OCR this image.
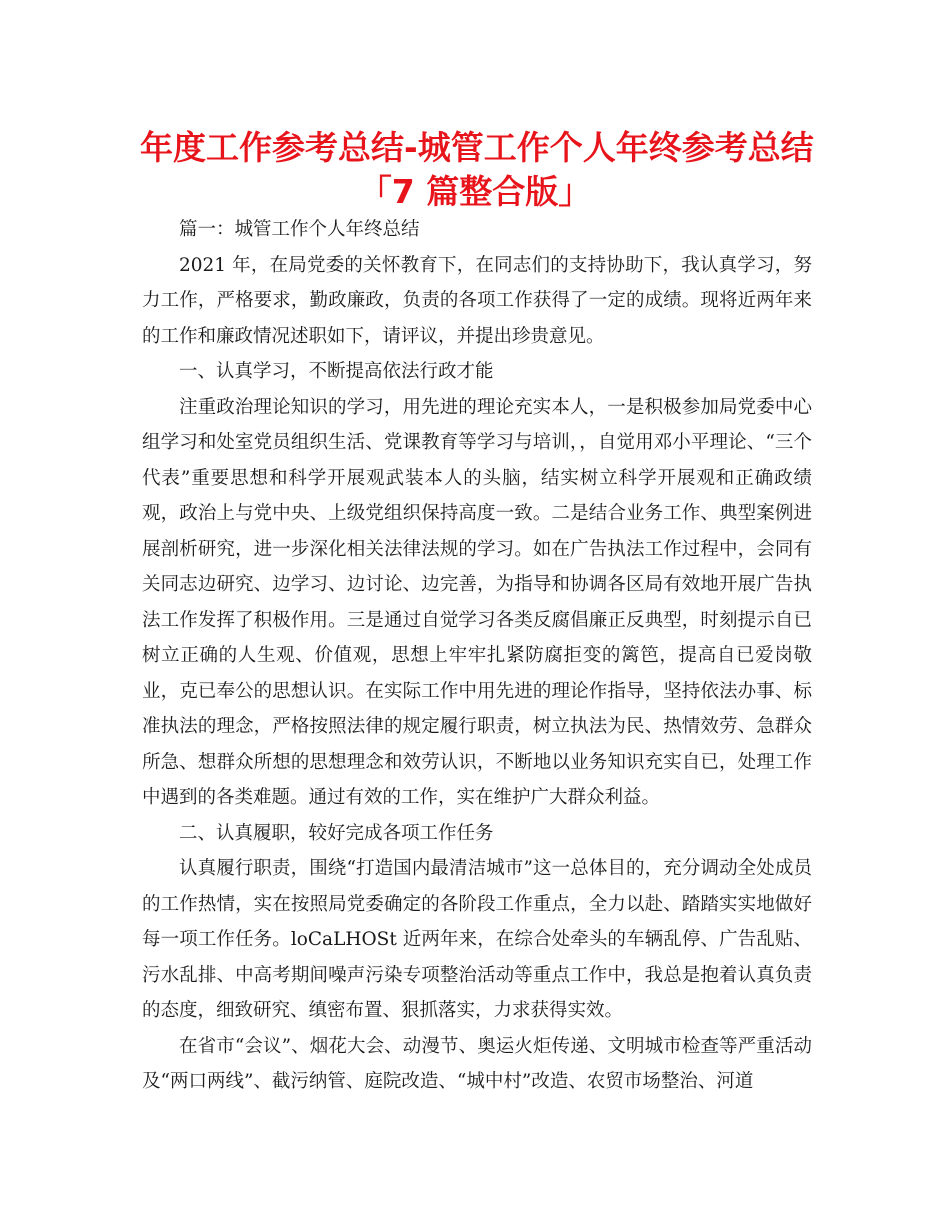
年度工作参考总结-城管工作个人年终参考总结
「7 篇整合版」

篇一：城管工作个人年终总结

2021 年，在局党委的关怀教育下，在同志们的支持协助下，我认真学习，努力工作，严格要求，勤政廉政，负责的各项工作获得了一定的成绩。现将近两年来的工作和廉政情况述职如下，请评议，并提出珍贵意见。

一、认真学习，不断提高依法行政才能

注重政治理论知识的学习，用先进的理论充实本人，一是积极参加局党委中心组学习和处室党员组织生活、党课教育等学习与培训，，自觉用邓小平理论、“三个代表”重要思想和科学开展观武装本人的头脑，结实树立科学开展观和正确政绩观，政治上与党中央、上级党组织保持高度一致。二是结合业务工作、典型案例进展剖析研究，进一步深化相关法律法规的学习。如在广告执法工作过程中，会同有关同志边研究、边学习、边讨论、边完善，为指导和协调各区局有效地开展广告执法工作发挥了积极作用。三是通过自觉学习各类反腐倡廉正反典型，时刻提示自已树立正确的人生观、价值观，思想上牢牢扎紧防腐拒变的篱笆，提高自已爱岗敬业，克已奉公的思想认识。在实际工作中用先进的理论作指导，坚持依法办事、标准执法的理念，严格按照法律的规定履行职责，树立执法为民、热情效劳、急群众所急、想群众所想的思想理念和效劳认识，不断地以业务知识充实自已，处理工作中遇到的各类难题。通过有效的工作，实在维护广大群众利益。

二、认真履职，较好完成各项工作任务

认真履行职责，围绕“打造国内最清洁城市”这一总体目的，充分调动全处成员的工作热情，实在按照局党委确定的各阶段工作重点，全力以赴、踏踏实实地做好每一项工作任务。loCaLHOSt 近两年来，在综合处牵头的车辆乱停、广告乱贴、污水乱排、中高考期间噪声污染专项整治活动等重点工作中，我总是抱着认真负责的态度，细致研究、缜密布置、狠抓落实，力求获得实效。

在省市“会议”、烟花大会、动漫节、奥运火炬传递、文明城市检查等严重活动及“两口两线”、截污纳管、庭院改造、“城中村”改造、农贸市场整治、河道
